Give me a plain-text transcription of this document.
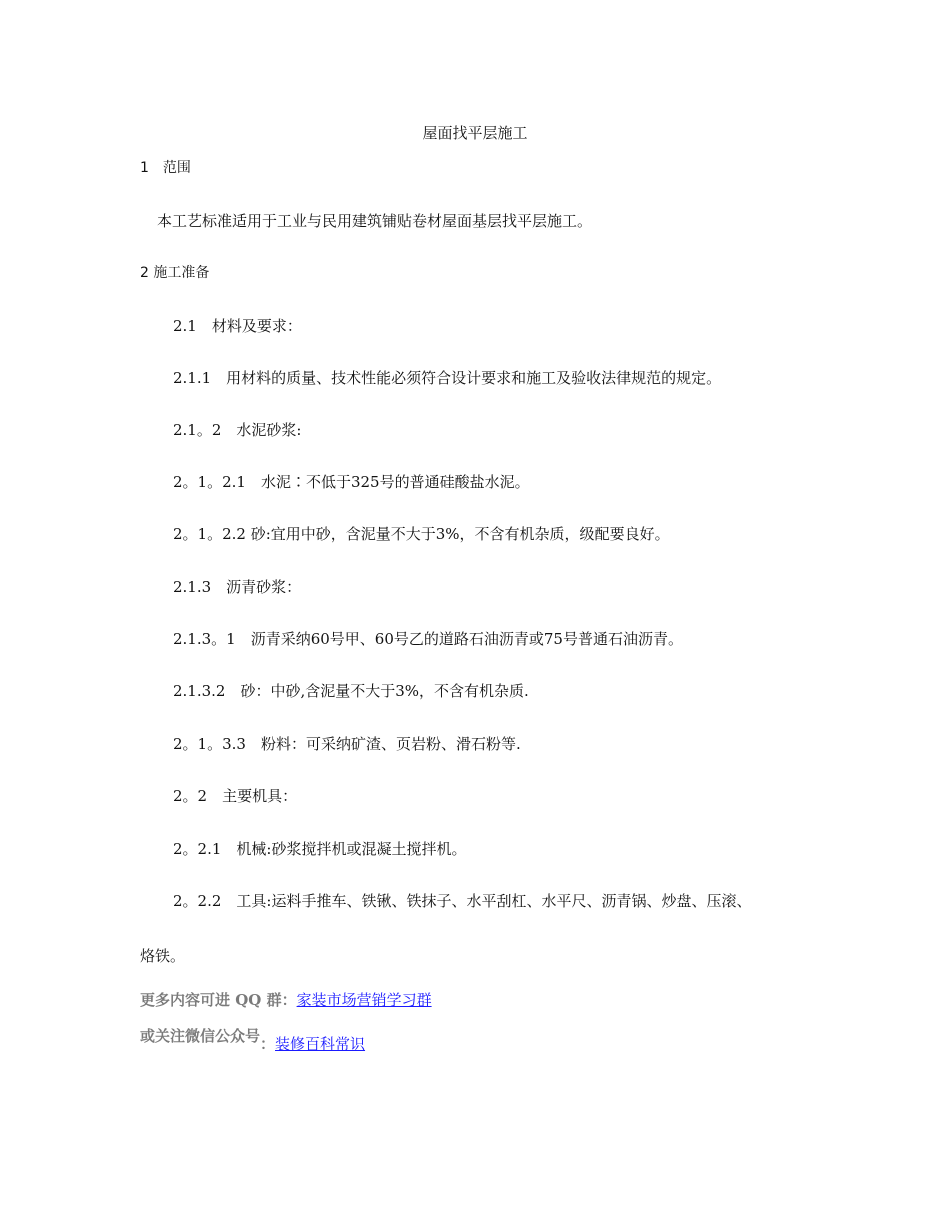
屋面找平层施工
1　范围
本工艺标准适用于工业与民用建筑铺贴卷材屋面基层找平层施工。
2 施工准备
2.1　材料及要求：
2.1.1　用材料的质量、技术性能必须符合设计要求和施工及验收法律规范的规定。
2.1。2　水泥砂浆:
2。1。2.1　水泥∶不低于325号的普通硅酸盐水泥。
2。1。2.2 砂:宜用中砂，含泥量不大于3%，不含有机杂质，级配要良好。
2.1.3　沥青砂浆：
2.1.3。1　沥青采纳60号甲、60号乙的道路石油沥青或75号普通石油沥青。
2.1.3.2　砂：中砂,含泥量不大于3%，不含有机杂质.
2。1。3.3　粉料：可采纳矿渣、页岩粉、滑石粉等.
2。2　主要机具：
2。2.1　机械:砂浆搅拌机或混凝土搅拌机。
2。2.2　工具:运料手推车、铁锹、铁抹子、水平刮杠、水平尺、沥青锅、炒盘、压滚、
烙铁。
更多内容可进 QQ 群：家装市场营销学习群
或关注微信公众号：装修百科常识
